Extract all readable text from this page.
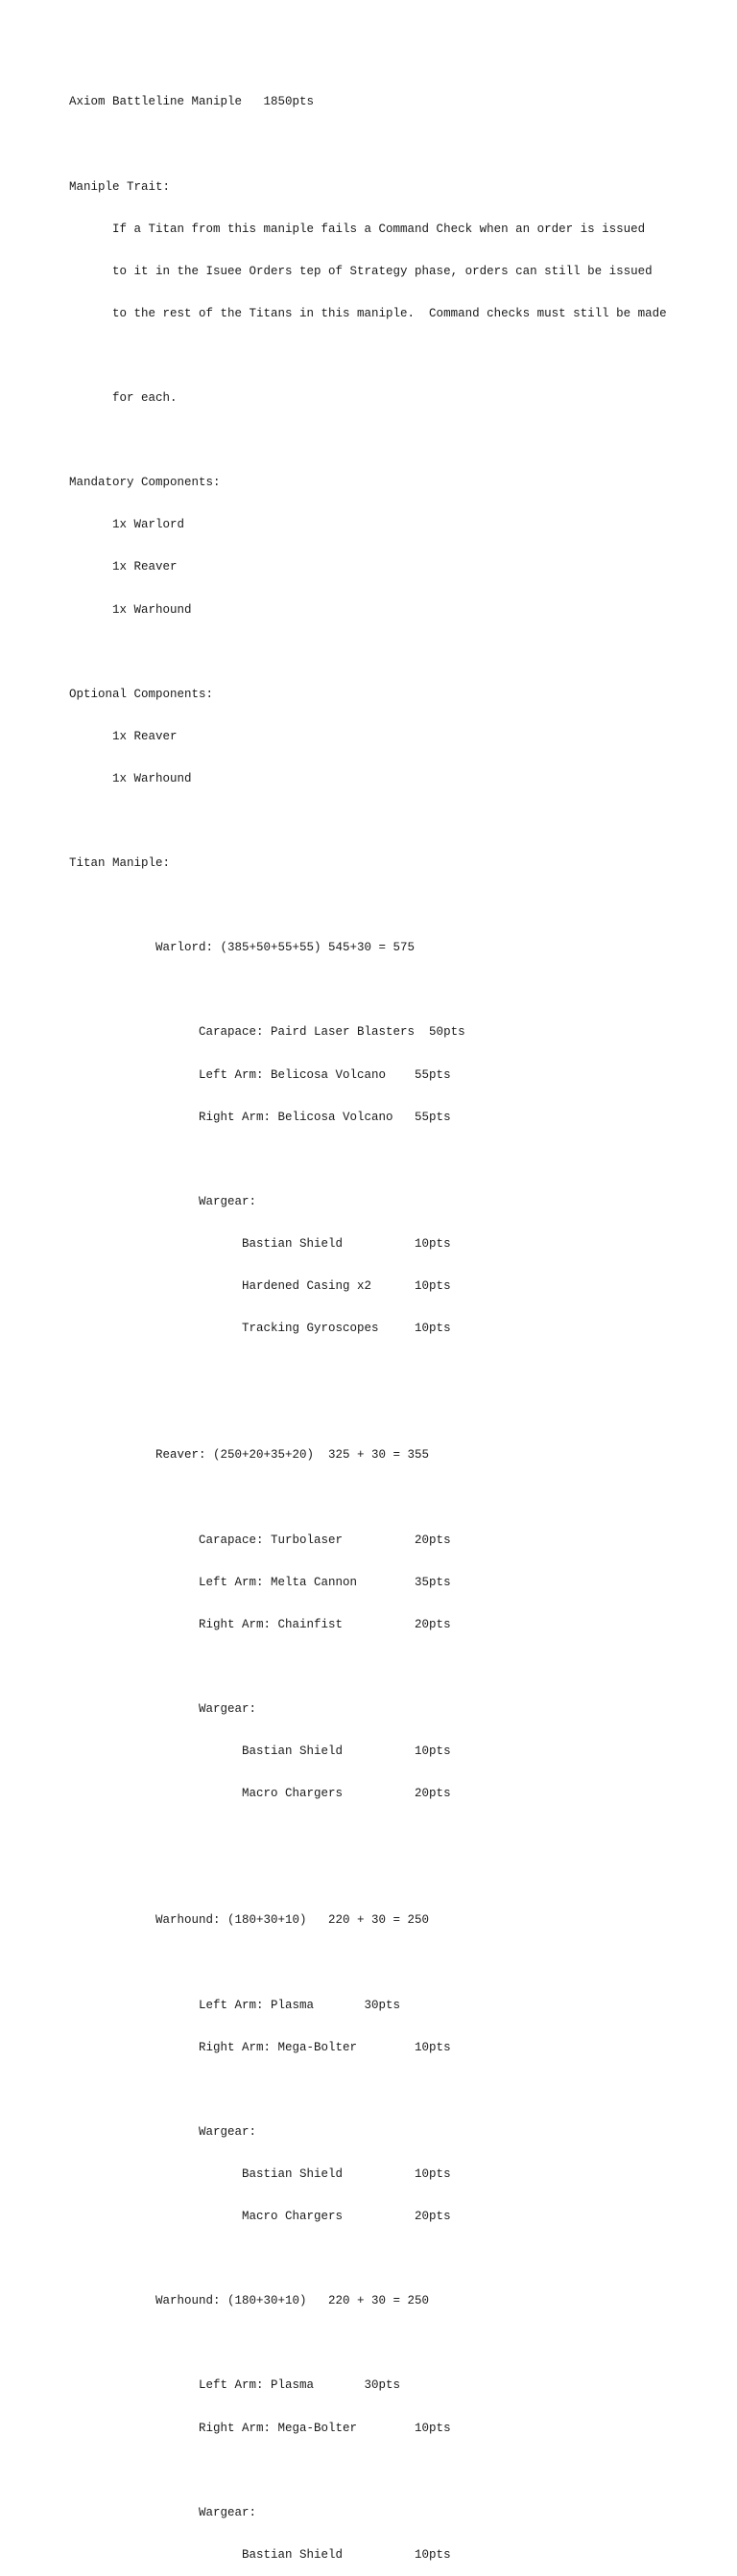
Axiom Battleline Maniple   1850pts

Maniple Trait:

If a Titan from this maniple fails a Command Check when an order is issued

to it in the Isuee Orders tep of Strategy phase, orders can still be issued

to the rest of the Titans in this maniple.  Command checks must still be made

for each.

Mandatory Components:

1x Warlord

1x Reaver

1x Warhound

Optional Components:

1x Reaver

1x Warhound

Titan Maniple:

Warlord: (385+50+55+55) 545+30 = 575

Carapace: Paird Laser Blasters  50pts

Left Arm: Belicosa Volcano    55pts

Right Arm: Belicosa Volcano   55pts

Wargear:

Bastian Shield          10pts

Hardened Casing x2      10pts

Tracking Gyroscopes     10pts

Reaver: (250+20+35+20)  325 + 30 = 355

Carapace: Turbolaser          20pts

Left Arm: Melta Cannon        35pts

Right Arm: Chainfist          20pts

Wargear:

Bastian Shield          10pts

Macro Chargers          20pts

Warhound: (180+30+10)   220 + 30 = 250

Left Arm: Plasma       30pts

Right Arm: Mega-Bolter        10pts

Wargear:

Bastian Shield          10pts

Macro Chargers          20pts

Warhound: (180+30+10)   220 + 30 = 250

Left Arm: Plasma       30pts

Right Arm: Mega-Bolter        10pts

Wargear:

Bastian Shield          10pts
